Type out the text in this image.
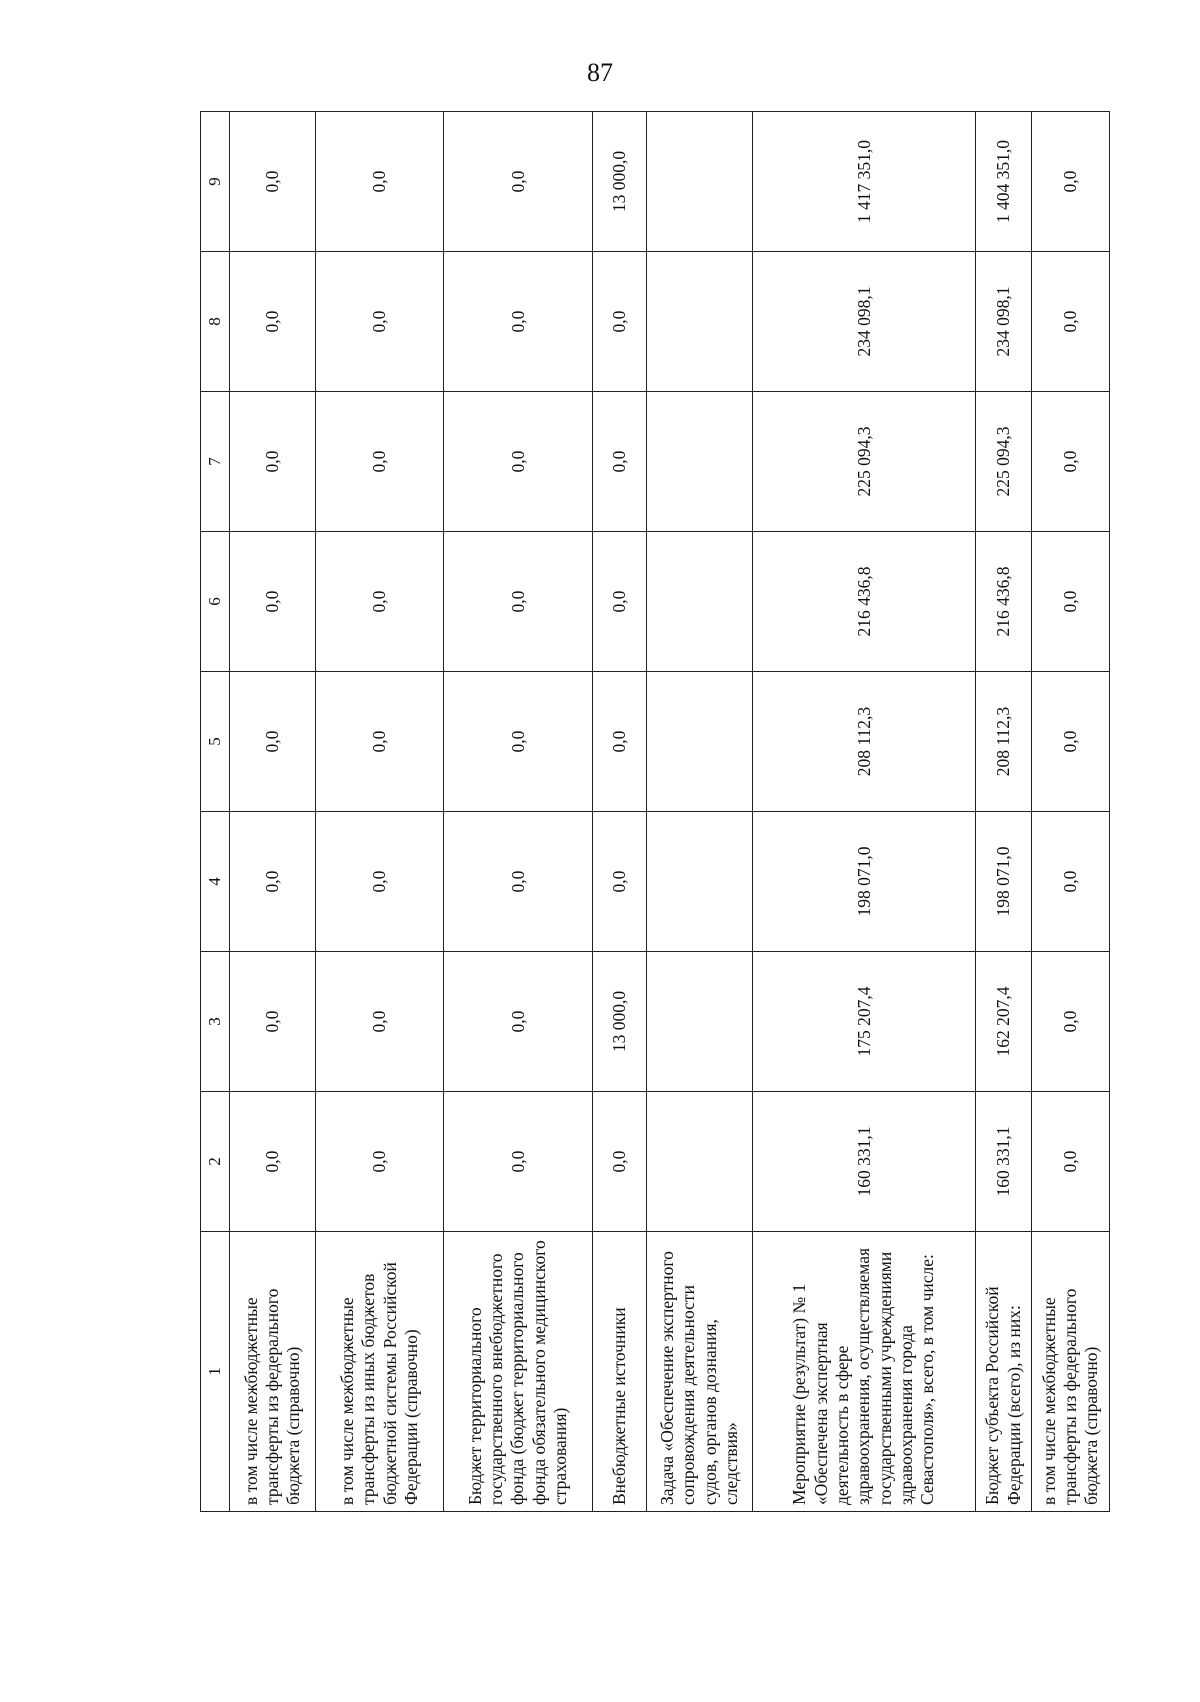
87
1	2	3	4	5	6	7	8	9
в том числе межбюджетные трансферты из федерального бюджета (справочно)	0,0	0,0	0,0	0,0	0,0	0,0	0,0	0,0
в том числе межбюджетные трансферты из иных бюджетов бюджетной системы Российской Федерации (справочно)	0,0	0,0	0,0	0,0	0,0	0,0	0,0	0,0
Бюджет территориального государственного внебюджетного фонда (бюджет территориального фонда обязательного медицинского страхования)	0,0	0,0	0,0	0,0	0,0	0,0	0,0	0,0
Внебюджетные источники	0,0	13 000,0	0,0	0,0	0,0	0,0	0,0	13 000,0
Задача «Обеспечение экспертного сопровождения деятельности судов, органов дознания, следствия»								
Мероприятие (результат) № 1 «Обеспечена экспертная деятельность в сфере здравоохранения, осуществляемая государственными учреждениями здравоохранения города Севастополя», всего, в том числе:	160 331,1	175 207,4	198 071,0	208 112,3	216 436,8	225 094,3	234 098,1	1 417 351,0
Бюджет субъекта Российской Федерации (всего), из них:	160 331,1	162 207,4	198 071,0	208 112,3	216 436,8	225 094,3	234 098,1	1 404 351,0
в том числе межбюджетные трансферты из федерального бюджета (справочно)	0,0	0,0	0,0	0,0	0,0	0,0	0,0	0,0
